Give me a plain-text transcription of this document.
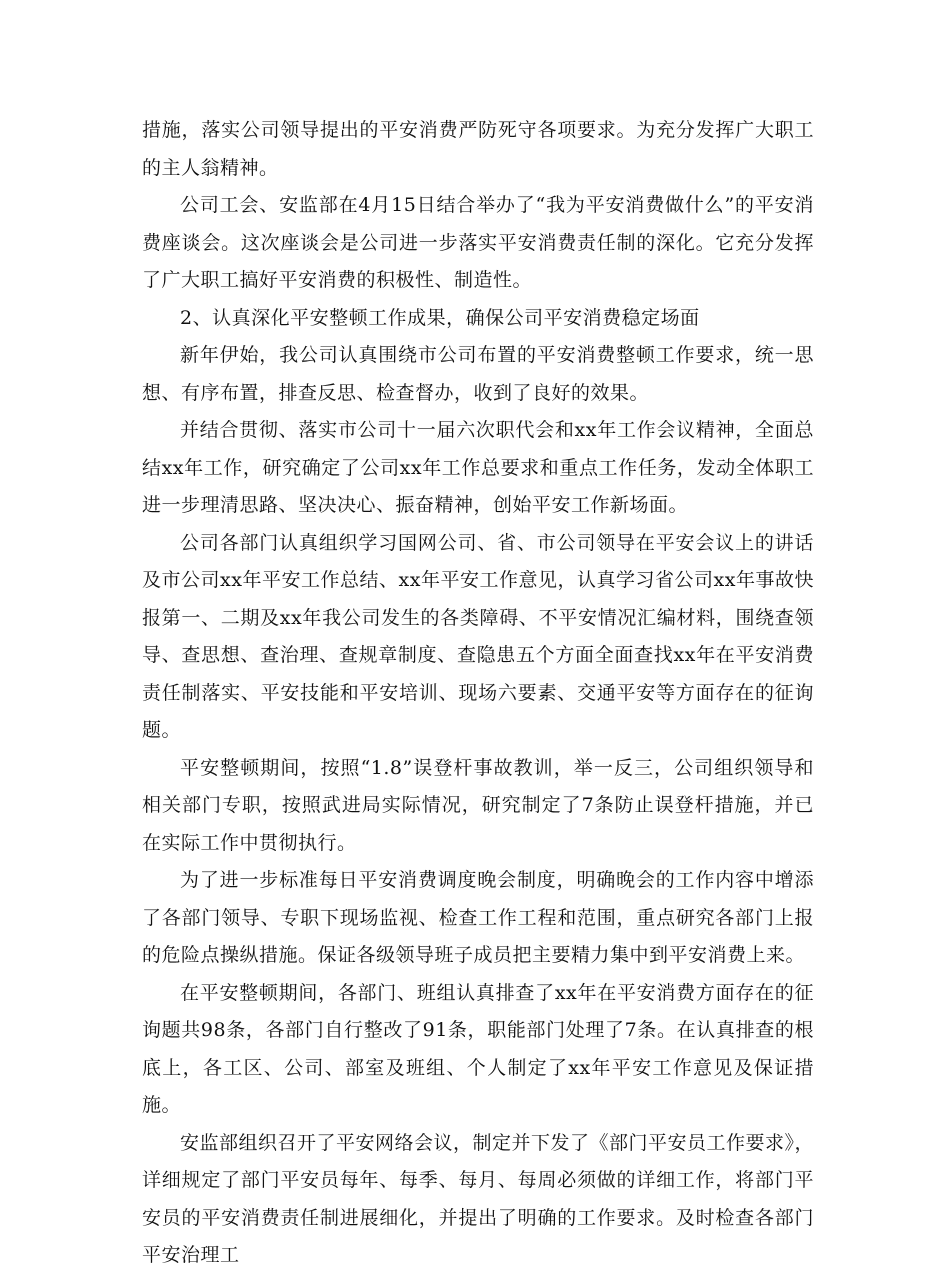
措施，落实公司领导提出的平安消费严防死守各项要求。为充分发挥广大职工的主人翁精神。

公司工会、安监部在4月15日结合举办了“我为平安消费做什么”的平安消费座谈会。这次座谈会是公司进一步落实平安消费责任制的深化。它充分发挥了广大职工搞好平安消费的积极性、制造性。

2、认真深化平安整顿工作成果，确保公司平安消费稳定场面

新年伊始，我公司认真围绕市公司布置的平安消费整顿工作要求，统一思想、有序布置，排查反思、检查督办，收到了良好的效果。

并结合贯彻、落实市公司十一届六次职代会和xx年工作会议精神，全面总结xx年工作，研究确定了公司xx年工作总要求和重点工作任务，发动全体职工进一步理清思路、坚决决心、振奋精神，创始平安工作新场面。

公司各部门认真组织学习国网公司、省、市公司领导在平安会议上的讲话及市公司xx年平安工作总结、xx年平安工作意见，认真学习省公司xx年事故快报第一、二期及xx年我公司发生的各类障碍、不平安情况汇编材料，围绕查领导、查思想、查治理、查规章制度、查隐患五个方面全面查找xx年在平安消费责任制落实、平安技能和平安培训、现场六要素、交通平安等方面存在的征询题。

平安整顿期间，按照“1.8”误登杆事故教训，举一反三，公司组织领导和相关部门专职，按照武进局实际情况，研究制定了7条防止误登杆措施，并已在实际工作中贯彻执行。

为了进一步标准每日平安消费调度晚会制度，明确晚会的工作内容中增添了各部门领导、专职下现场监视、检查工作工程和范围，重点研究各部门上报的危险点操纵措施。保证各级领导班子成员把主要精力集中到平安消费上来。

在平安整顿期间，各部门、班组认真排查了xx年在平安消费方面存在的征询题共98条，各部门自行整改了91条，职能部门处理了7条。在认真排查的根底上，各工区、公司、部室及班组、个人制定了xx年平安工作意见及保证措施。

安监部组织召开了平安网络会议，制定并下发了《部门平安员工作要求》，详细规定了部门平安员每年、每季、每月、每周必须做的详细工作，将部门平安员的平安消费责任制进展细化，并提出了明确的工作要求。及时检查各部门平安治理工
